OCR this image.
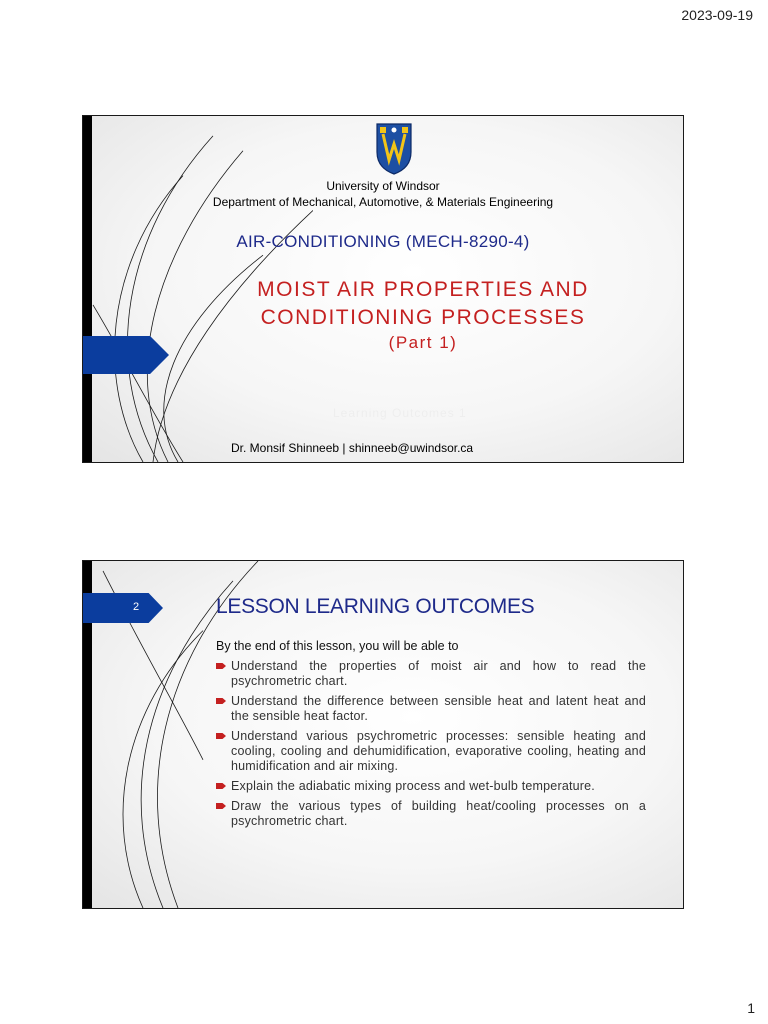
2023-09-19
University of Windsor
Department of Mechanical, Automotive, & Materials Engineering
AIR-CONDITIONING (MECH-8290-4)
MOIST AIR PROPERTIES AND
CONDITIONING PROCESSES
(Part 1)
Learning Outcomes 1
Dr. Monsif Shinneeb | shinneeb@uwindsor.ca
2	LESSON LEARNING OUTCOMES
By the end of this lesson, you will be able to
Understand the properties of moist air and how to read the psychrometric chart.
Understand the difference between sensible heat and latent heat and the sensible heat factor.
Understand various psychrometric processes: sensible heating and cooling, cooling and dehumidification, evaporative cooling, heating and humidification and air mixing.
Explain the adiabatic mixing process and wet-bulb temperature.
Draw the various types of building heat/cooling processes on a psychrometric chart.
1
